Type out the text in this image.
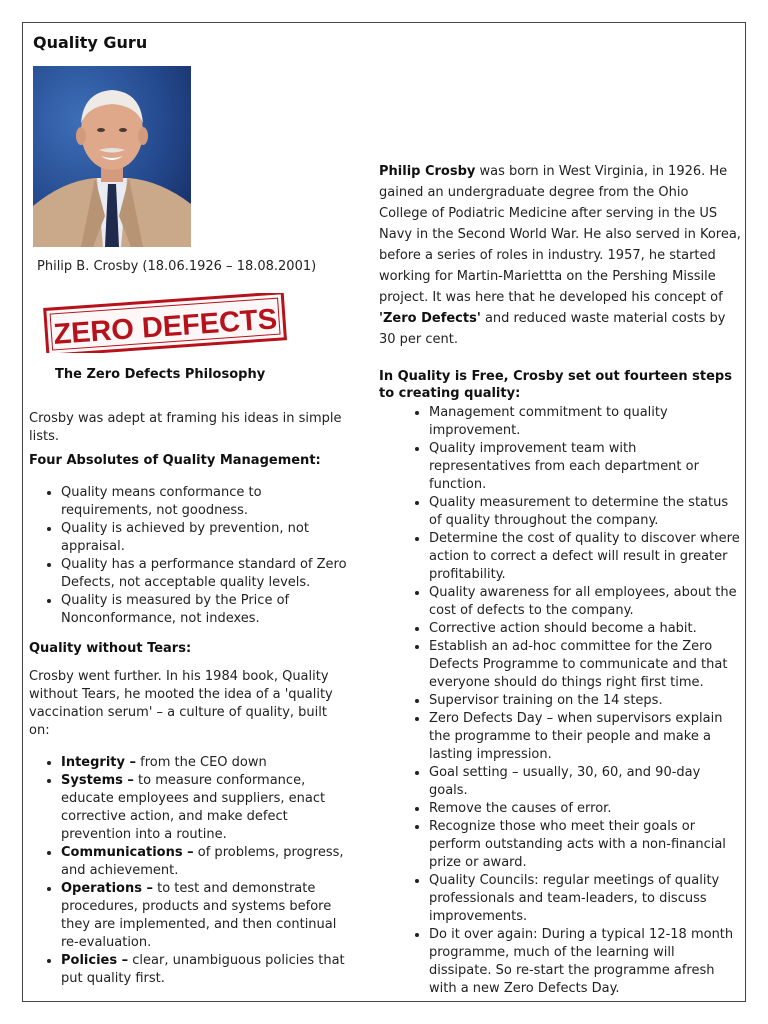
Quality Guru
Philip B. Crosby (18.06.1926 – 18.08.2001)
ZERO DEFECTS
The Zero Defects Philosophy

Crosby was adept at framing his ideas in simple lists.

Four Absolutes of Quality Management:

• Quality means conformance to requirements, not goodness.
• Quality is achieved by prevention, not appraisal.
• Quality has a performance standard of Zero Defects, not acceptable quality levels.
• Quality is measured by the Price of Nonconformance, not indexes.

Quality without Tears:

Crosby went further. In his 1984 book, Quality without Tears, he mooted the idea of a 'quality vaccination serum' – a culture of quality, built on:

• Integrity – from the CEO down
• Systems – to measure conformance, educate employees and suppliers, enact corrective action, and make defect prevention into a routine.
• Communications – of problems, progress, and achievement.
• Operations – to test and demonstrate procedures, products and systems before they are implemented, and then continual re-evaluation.
• Policies – clear, unambiguous policies that put quality first.

Philip Crosby was born in West Virginia, in 1926. He gained an undergraduate degree from the Ohio College of Podiatric Medicine after serving in the US Navy in the Second World War. He also served in Korea, before a series of roles in industry. 1957, he started working for Martin-Mariettta on the Pershing Missile project. It was here that he developed his concept of 'Zero Defects' and reduced waste material costs by 30 per cent.

In Quality is Free, Crosby set out fourteen steps to creating quality:

• Management commitment to quality improvement.
• Quality improvement team with representatives from each department or function.
• Quality measurement to determine the status of quality throughout the company.
• Determine the cost of quality to discover where action to correct a defect will result in greater profitability.
• Quality awareness for all employees, about the cost of defects to the company.
• Corrective action should become a habit.
• Establish an ad-hoc committee for the Zero Defects Programme to communicate and that everyone should do things right first time.
• Supervisor training on the 14 steps.
• Zero Defects Day – when supervisors explain the programme to their people and make a lasting impression.
• Goal setting – usually, 30, 60, and 90-day goals.
• Remove the causes of error.
• Recognize those who meet their goals or perform outstanding acts with a non-financial prize or award.
• Quality Councils: regular meetings of quality professionals and team-leaders, to discuss improvements.
• Do it over again: During a typical 12-18 month programme, much of the learning will dissipate. So re-start the programme afresh with a new Zero Defects Day.
